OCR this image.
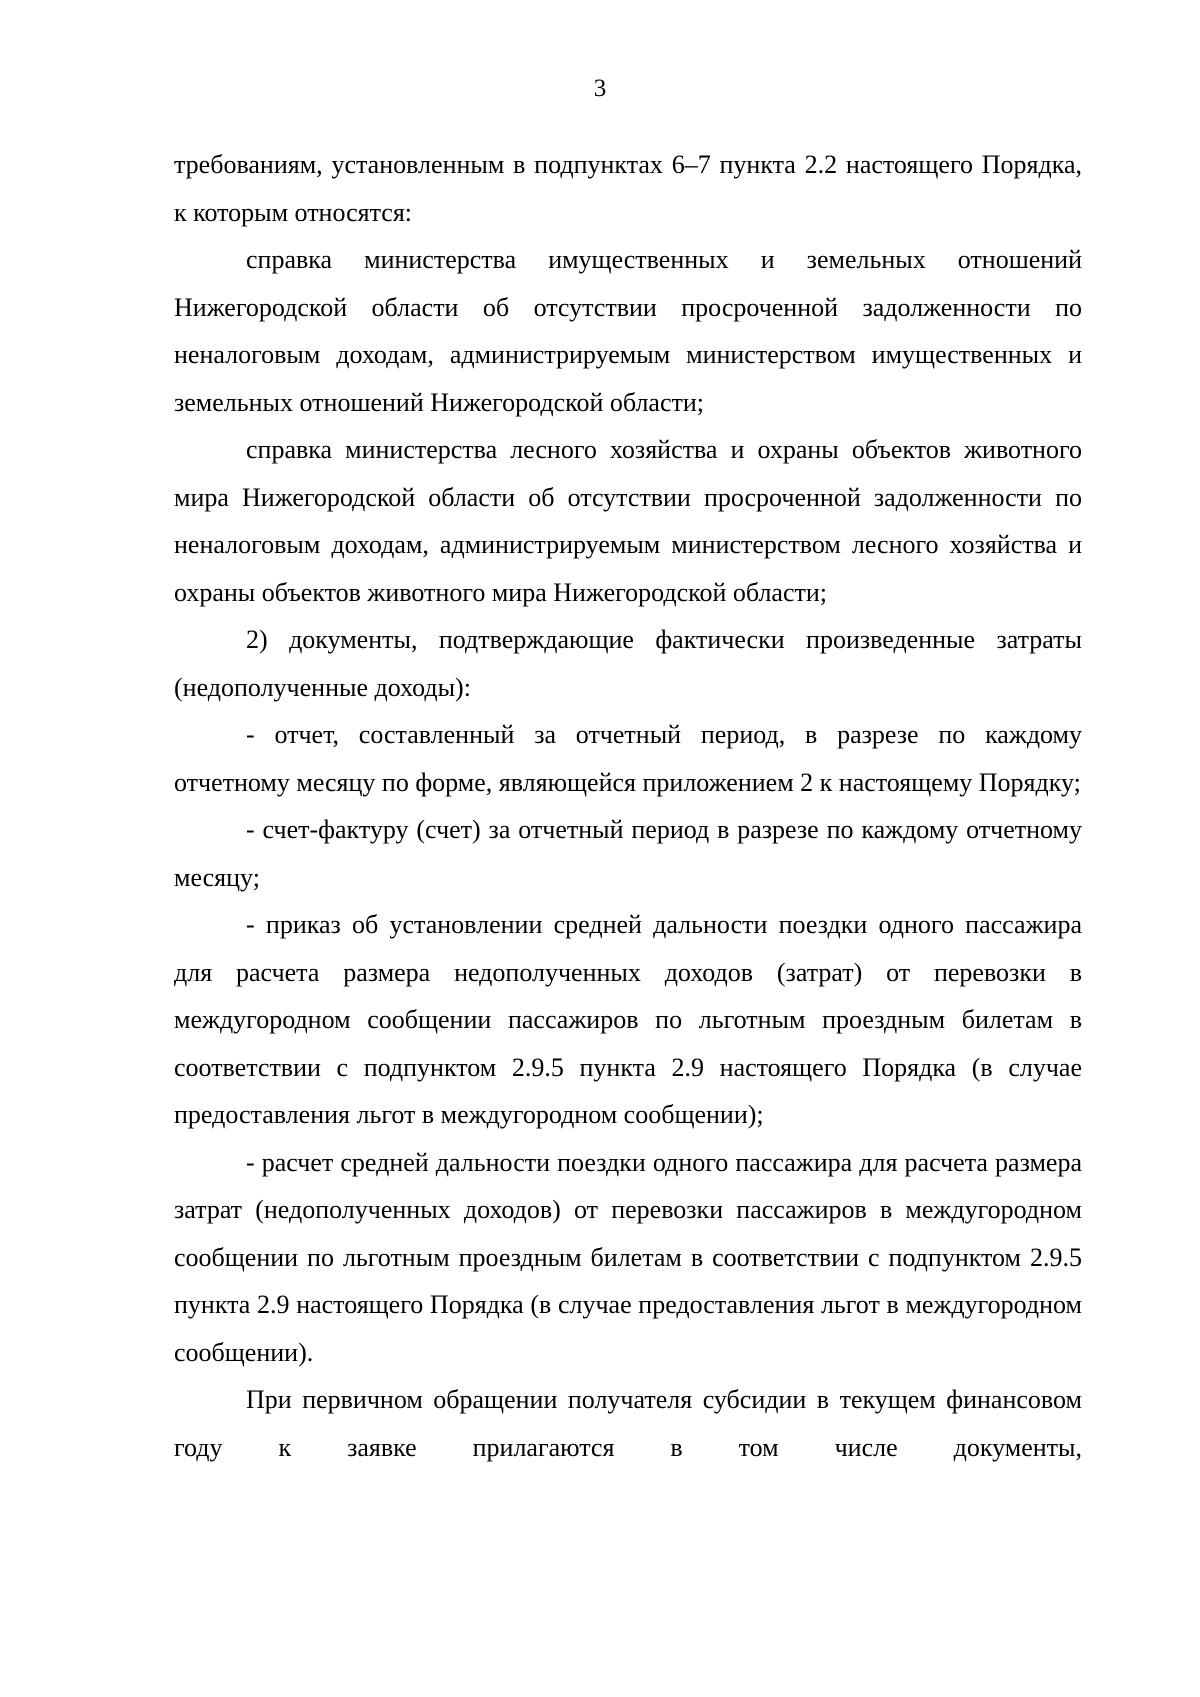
3

требованиям, установленным в подпунктах 6–7 пункта 2.2 настоящего Порядка, к которым относятся:

справка министерства имущественных и земельных отношений Нижегородской области об отсутствии просроченной задолженности по неналоговым доходам, администрируемым министерством имущественных и земельных отношений Нижегородской области;

справка министерства лесного хозяйства и охраны объектов животного мира Нижегородской области об отсутствии просроченной задолженности по неналоговым доходам, администрируемым министерством лесного хозяйства и охраны объектов животного мира Нижегородской области;

2) документы, подтверждающие фактически произведенные затраты (недополученные доходы):

- отчет, составленный за отчетный период, в разрезе по каждому отчетному месяцу по форме, являющейся приложением 2 к настоящему Порядку;

- счет-фактуру (счет) за отчетный период в разрезе по каждому отчетному месяцу;

- приказ об установлении средней дальности поездки одного пассажира для расчета размера недополученных доходов (затрат) от перевозки в междугородном сообщении пассажиров по льготным проездным билетам в соответствии с подпунктом 2.9.5 пункта 2.9 настоящего Порядка (в случае предоставления льгот в междугородном сообщении);

- расчет средней дальности поездки одного пассажира для расчета размера затрат (недополученных доходов) от перевозки пассажиров в междугородном сообщении по льготным проездным билетам в соответствии с подпунктом 2.9.5 пункта 2.9 настоящего Порядка (в случае предоставления льгот в междугородном сообщении).

При первичном обращении получателя субсидии в текущем финансовом году к заявке прилагаются в том числе документы,
